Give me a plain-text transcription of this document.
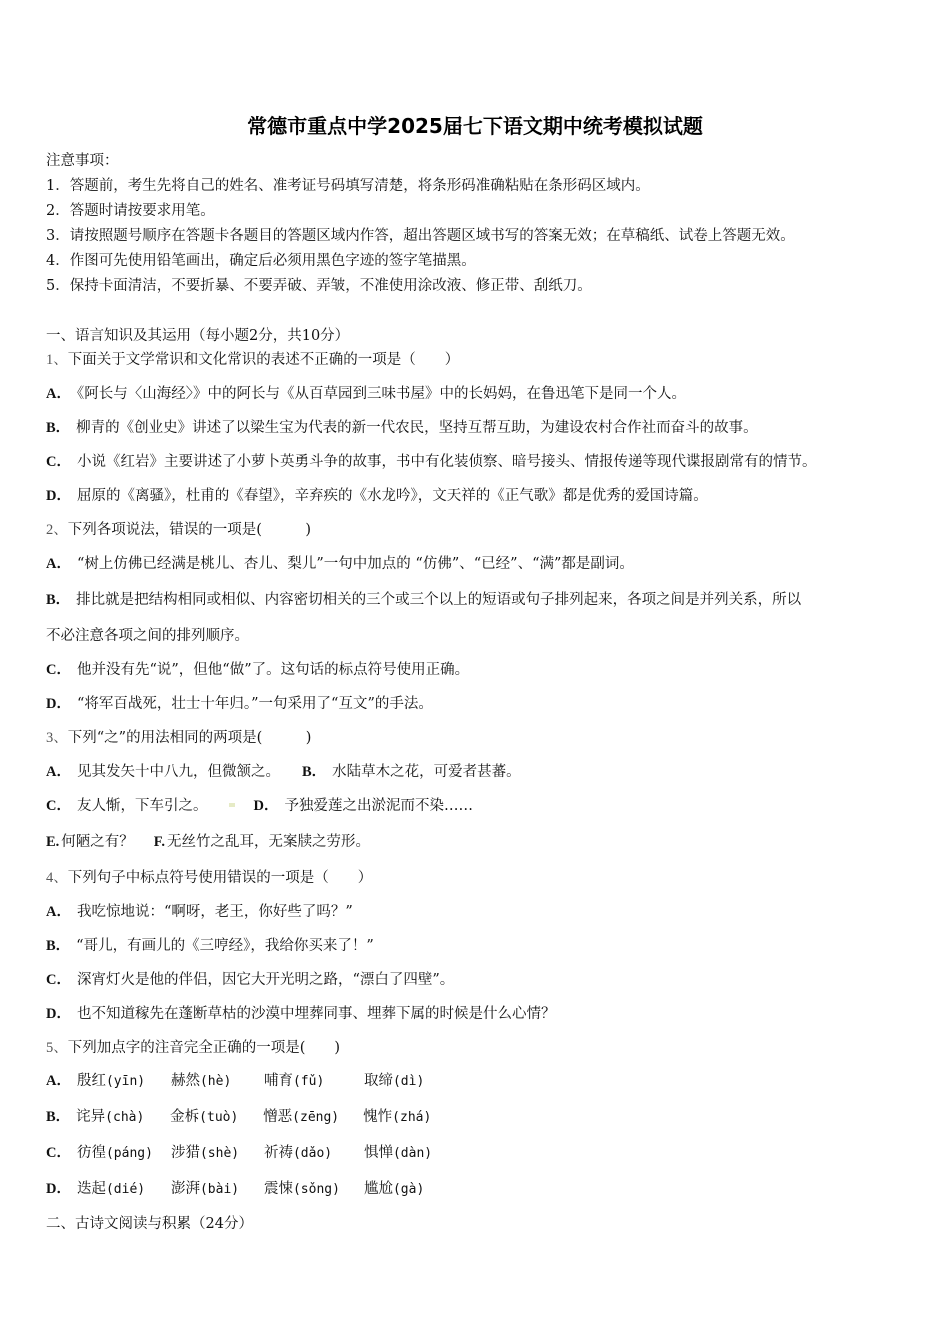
常德市重点中学2025届七下语文期中统考模拟试题
注意事项：
1．答题前，考生先将自己的姓名、准考证号码填写清楚，将条形码准确粘贴在条形码区域内。
2．答题时请按要求用笔。
3．请按照题号顺序在答题卡各题目的答题区域内作答，超出答题区域书写的答案无效；在草稿纸、试卷上答题无效。
4．作图可先使用铅笔画出，确定后必须用黑色字迹的签字笔描黑。
5．保持卡面清洁，不要折暴、不要弄破、弄皱，不准使用涂改液、修正带、刮纸刀。
一、语言知识及其运用（每小题2分，共10分）
1、下面关于文学常识和文化常识的表述不正确的一项是（　　）
A． 《阿长与〈山海经〉》中的阿长与《从百草园到三味书屋》中的长妈妈，在鲁迅笔下是同一个人。
B． 柳青的《创业史》讲述了以梁生宝为代表的新一代农民，坚持互帮互助，为建设农村合作社而奋斗的故事。
C． 小说《红岩》主要讲述了小萝卜英勇斗争的故事，书中有化装侦察、暗号接头、情报传递等现代谍报剧常有的情节。
D． 屈原的《离骚》，杜甫的《春望》，辛弃疾的《水龙吟》，文天祥的《正气歌》都是优秀的爱国诗篇。
2、下列各项说法，错误的一项是(　　　)
A． “树上仿佛已经满是桃儿、杏儿、梨儿”一句中加点的 “仿佛”、“已经”、“满”都是副词。
B． 排比就是把结构相同或相似、内容密切相关的三个或三个以上的短语或句子排列起来，各项之间是并列关系，所以
不必注意各项之间的排列顺序。
C． 他并没有先“说”，但他“做”了。这句话的标点符号使用正确。
D． “将军百战死，壮士十年归。”一句采用了“互文”的手法。
3、下列“之”的用法相同的两项是(　　　)
A． 见其发矢十中八九，但微颔之。 B． 水陆草木之花，可爱者甚蕃。
C． 友人惭，下车引之。	D． 予独爱莲之出淤泥而不染……
E. 何陋之有？ F. 无丝竹之乱耳，无案牍之劳形。
4、下列句子中标点符号使用错误的一项是（　　）
A． 我吃惊地说：“啊呀，老王，你好些了吗？”
B． “哥儿，有画儿的《三哼经》，我给你买来了！”
C． 深宵灯火是他的伴侣，因它大开光明之路，“漂白了四壁”。
D． 也不知道稼先在蓬断草枯的沙漠中埋葬同事、埋葬下属的时候是什么心情？
5、下列加点字的注音完全正确的一项是(　　)
A． 殷红(yīn) 赫然(hè) 哺育(fǔ)	取缔(dì)
B． 诧异(chà) 金柝(tuò) 憎恶(zēng) 愧怍(zhá)
C． 彷徨(páng) 涉猎(shè) 祈祷(dǎo) 惧惮(dàn)
D． 迭起(dié) 澎湃(bài) 震悚(sǒng) 尴尬(gà)
二、古诗文阅读与积累（24分）
